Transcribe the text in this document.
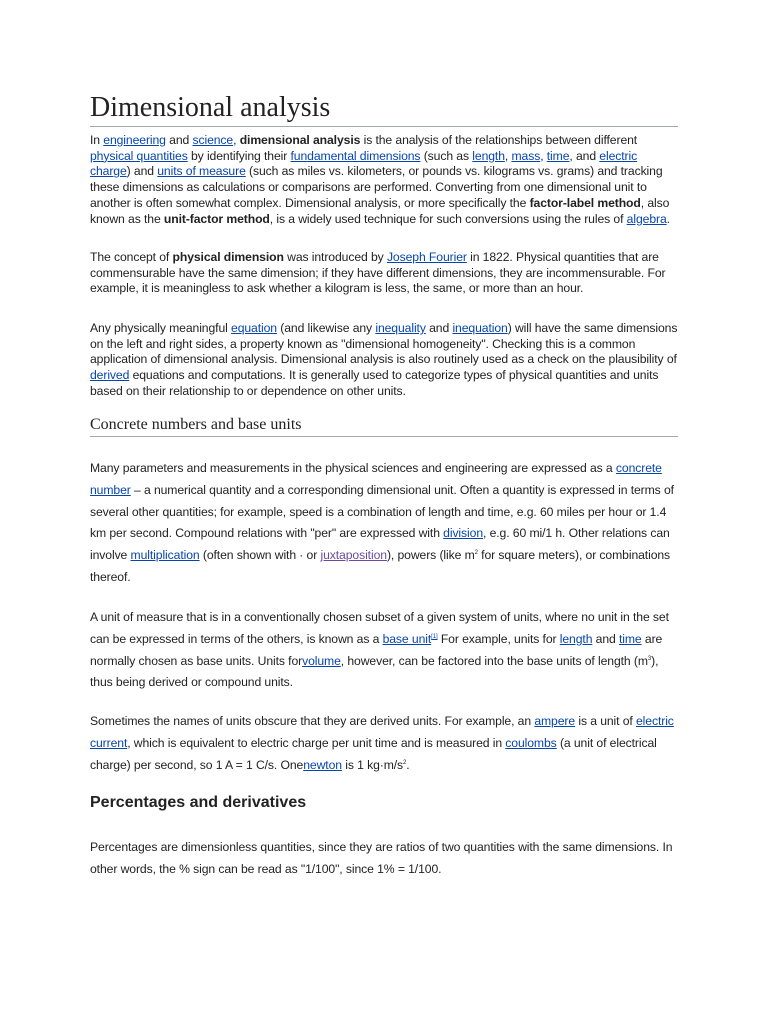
Dimensional analysis

In engineering and science, dimensional analysis is the analysis of the relationships between different physical quantities by identifying their fundamental dimensions (such as length, mass, time, and electric charge) and units of measure (such as miles vs. kilometers, or pounds vs. kilograms vs. grams) and tracking these dimensions as calculations or comparisons are performed. Converting from one dimensional unit to another is often somewhat complex. Dimensional analysis, or more specifically the factor-label method, also known as the unit-factor method, is a widely used technique for such conversions using the rules of algebra.

The concept of physical dimension was introduced by Joseph Fourier in 1822. Physical quantities that are commensurable have the same dimension; if they have different dimensions, they are incommensurable. For example, it is meaningless to ask whether a kilogram is less, the same, or more than an hour.

Any physically meaningful equation (and likewise any inequality and inequation) will have the same dimensions on the left and right sides, a property known as "dimensional homogeneity". Checking this is a common application of dimensional analysis. Dimensional analysis is also routinely used as a check on the plausibility of derived equations and computations. It is generally used to categorize types of physical quantities and units based on their relationship to or dependence on other units.

Concrete numbers and base units

Many parameters and measurements in the physical sciences and engineering are expressed as a concrete number – a numerical quantity and a corresponding dimensional unit. Often a quantity is expressed in terms of several other quantities; for example, speed is a combination of length and time, e.g. 60 miles per hour or 1.4 km per second. Compound relations with "per" are expressed with division, e.g. 60 mi/1 h. Other relations can involve multiplication (often shown with · or juxtaposition), powers (like $m^2$ for square meters), or combinations thereof.

A unit of measure that is in a conventionally chosen subset of a given system of units, where no unit in the set can be expressed in terms of the others, is known as a base unit[1] For example, units for length and time are normally chosen as base units. Units forvolume, however, can be factored into the base units of length $(m^3)$, thus being derived or compound units.

Sometimes the names of units obscure that they are derived units. For example, an ampere is a unit of electric current, which is equivalent to electric charge per unit time and is measured in coulombs (a unit of electrical charge) per second, so 1 A = 1 C/s. Onenewton is 1 $kg\cdot m/s^2$.

Percentages and derivatives

Percentages are dimensionless quantities, since they are ratios of two quantities with the same dimensions. In other words, the % sign can be read as "1/100", since 1% = 1/100.
